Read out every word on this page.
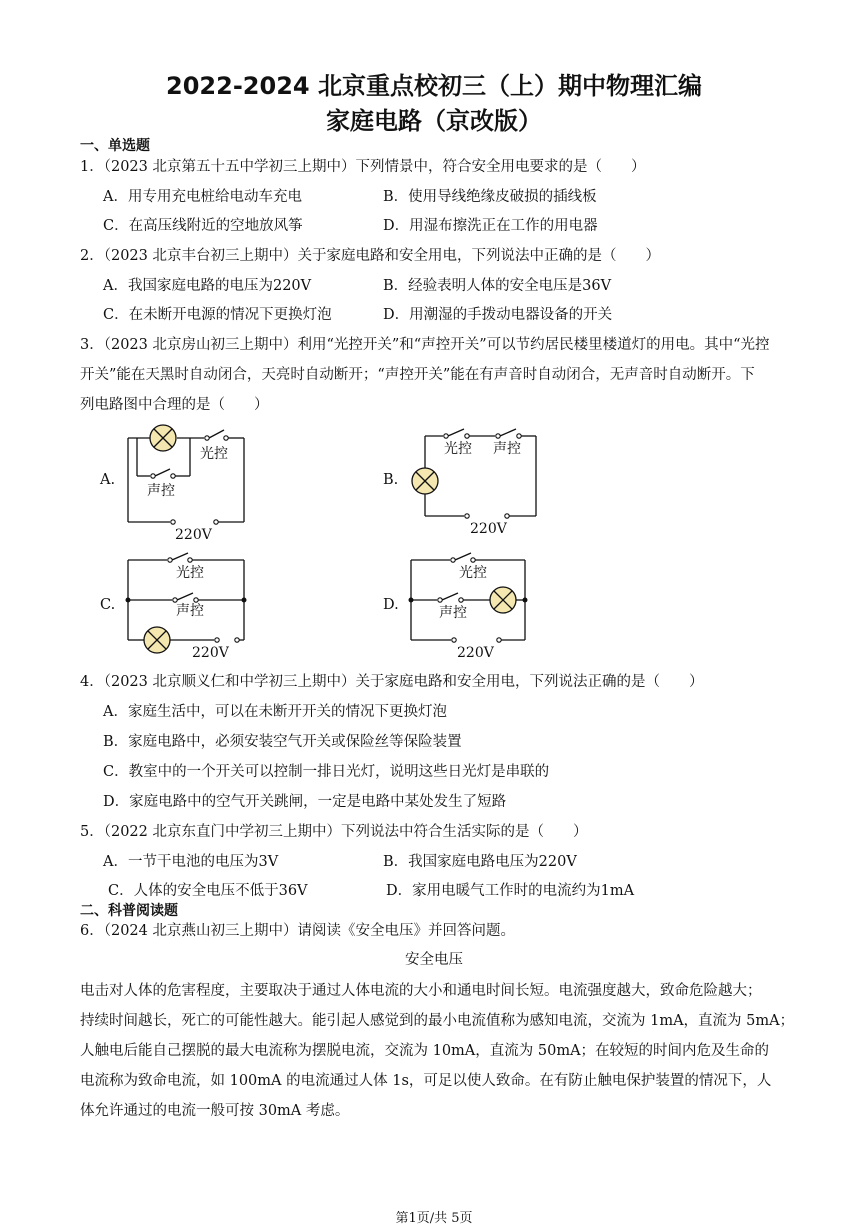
2022-2024 北京重点校初三（上）期中物理汇编
家庭电路（京改版）
一、单选题
1．（2023 北京第五十五中学初三上期中）下列情景中，符合安全用电要求的是（　　）
A．用专用充电桩给电动车充电	B．使用导线绝缘皮破损的插线板
C．在高压线附近的空地放风筝	D．用湿布擦洗正在工作的用电器
2．（2023 北京丰台初三上期中）关于家庭电路和安全用电，下列说法中正确的是（　　）
A．我国家庭电路的电压为220V	B．经验表明人体的安全电压是36V
C．在未断开电源的情况下更换灯泡	D．用潮湿的手拨动电器设备的开关
3．（2023 北京房山初三上期中）利用“光控开关”和“声控开关”可以节约居民楼里楼道灯的用电。其中“光控
开关”能在天黑时自动闭合，天亮时自动断开；“声控开关”能在有声音时自动闭合，无声音时自动断开。下
列电路图中合理的是（　　）
A.
光控
声控
220V
B.
光控 声控
220V
C.
光控
声控
220V
D.
光控
声控
220V
4．（2023 北京顺义仁和中学初三上期中）关于家庭电路和安全用电，下列说法正确的是（　　）
A．家庭生活中，可以在未断开开关的情况下更换灯泡
B．家庭电路中，必须安装空气开关或保险丝等保险装置
C．教室中的一个开关可以控制一排日光灯，说明这些日光灯是串联的
D．家庭电路中的空气开关跳闸，一定是电路中某处发生了短路
5．（2022 北京东直门中学初三上期中）下列说法中符合生活实际的是（　　）
A．一节干电池的电压为3V	B．我国家庭电路电压为220V
C．人体的安全电压不低于36V	D．家用电暖气工作时的电流约为1mA
二、科普阅读题
6．（2024 北京燕山初三上期中）请阅读《安全电压》并回答问题。
安全电压
电击对人体的危害程度，主要取决于通过人体电流的大小和通电时间长短。电流强度越大，致命危险越大；
持续时间越长，死亡的可能性越大。能引起人感觉到的最小电流值称为感知电流，交流为 1mA，直流为 5mA；
人触电后能自己摆脱的最大电流称为摆脱电流，交流为 10mA，直流为 50mA；在较短的时间内危及生命的
电流称为致命电流，如 100mA 的电流通过人体 1s，可足以使人致命。在有防止触电保护装置的情况下，人
体允许通过的电流一般可按 30mA 考虑。
第1页/共 5页
